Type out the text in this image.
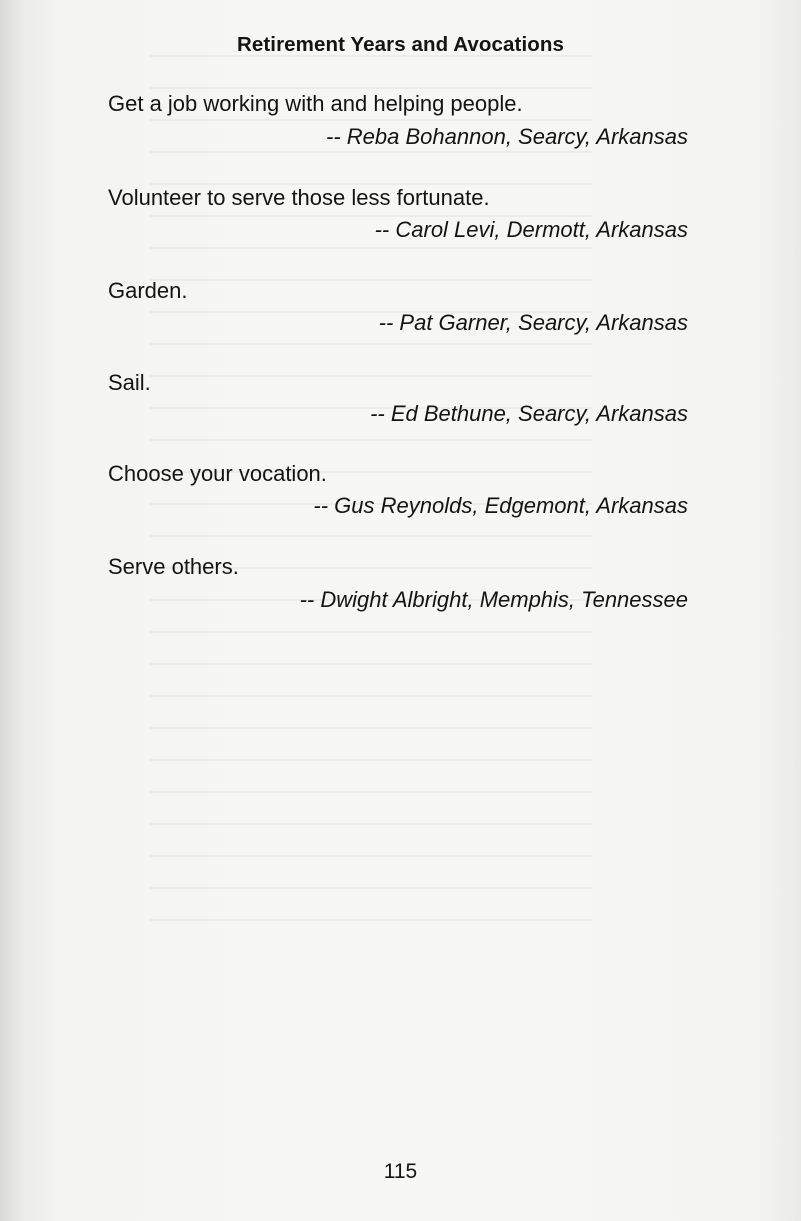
Retirement Years and Avocations
Get a job working with and helping people.
-- Reba Bohannon, Searcy, Arkansas
Volunteer to serve those less fortunate.
-- Carol Levi, Dermott, Arkansas
Garden.
-- Pat Garner, Searcy, Arkansas
Sail.
-- Ed Bethune, Searcy, Arkansas
Choose your vocation.
-- Gus Reynolds, Edgemont, Arkansas
Serve others.
-- Dwight Albright, Memphis, Tennessee
115
